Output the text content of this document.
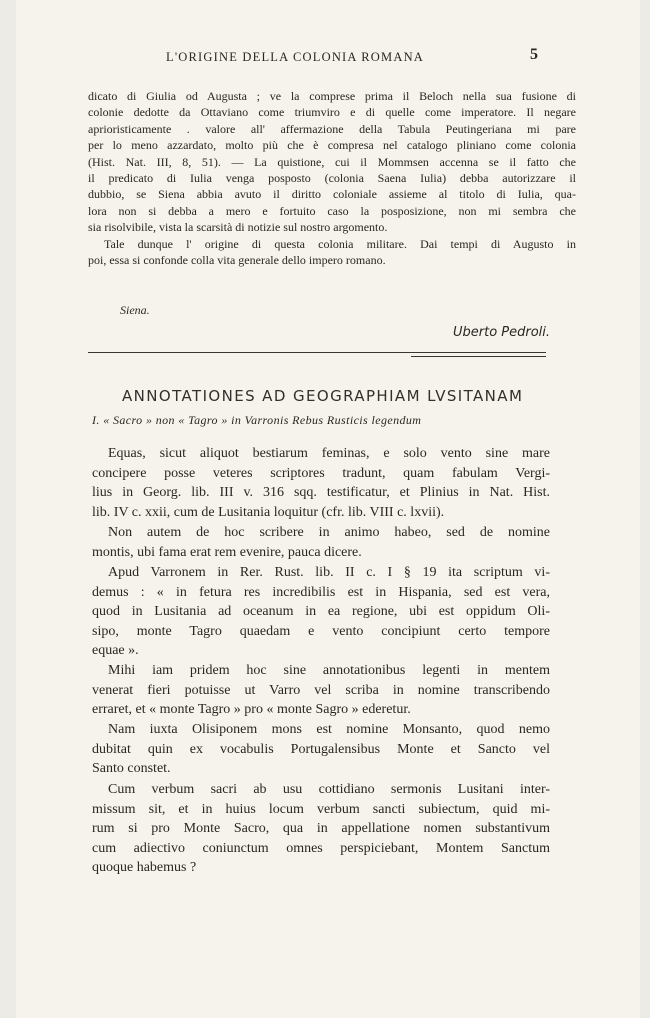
L'ORIGINE DELLA COLONIA ROMANA	5
dicato di Giulia od Augusta ; ve la comprese prima il Beloch nella sua fusione di
colonie dedotte da Ottaviano come triumviro e di quelle come imperatore. Il negare
aprioristicamente . valore all' affermazione della Tabula Peutingeriana mi pare
per lo meno azzardato, molto più che è compresa nel catalogo pliniano come colonia
(Hist. Nat. III, 8, 51). — La quistione, cui il Mommsen accenna se il fatto che
il predicato di Iulia venga posposto (colonia Saena Iulia) debba autorizzare il
dubbio, se Siena abbia avuto il diritto coloniale assieme al titolo di Iulia, qua-
lora non si debba a mero e fortuito caso la posposizione, non mi sembra che
sia risolvibile, vista la scarsità di notizie sul nostro argomento.
Tale dunque l' origine di questa colonia militare. Dai tempi di Augusto in
poi, essa si confonde colla vita generale dello impero romano.
Siena.
Uberto Pedroli.
ANNOTATIONES AD GEOGRAPHIAM LVSITANAM
I. « Sacro » non « Tagro » in Varronis Rebus Rusticis legendum
Equas, sicut aliquot bestiarum feminas, e solo vento sine mare
concipere posse veteres scriptores tradunt, quam fabulam Vergi-
lius in Georg. lib. III v. 316 sqq. testificatur, et Plinius in Nat. Hist.
lib. IV c. xxii, cum de Lusitania loquitur (cfr. lib. VIII c. lxvii).
Non autem de hoc scribere in animo habeo, sed de nomine
montis, ubi fama erat rem evenire, pauca dicere.
Apud Varronem in Rer. Rust. lib. II c. I § 19 ita scriptum vi-
demus : « in fetura res incredibilis est in Hispania, sed est vera,
quod in Lusitania ad oceanum in ea regione, ubi est oppidum Oli-
sipo, monte Tagro quaedam e vento concipiunt certo tempore
equae ».
Mihi iam pridem hoc sine annotationibus legenti in mentem
venerat fieri potuisse ut Varro vel scriba in nomine transcribendo
erraret, et « monte Tagro » pro « monte Sagro » ederetur.
Nam iuxta Olisiponem mons est nomine Monsanto, quod nemo
dubitat quin ex vocabulis Portugalensibus Monte et Sancto vel
Santo constet.
Cum verbum sacri ab usu cottidiano sermonis Lusitani inter-
missum sit, et in huius locum verbum sancti subiectum, quid mi-
rum si pro Monte Sacro, qua in appellatione nomen substantivum
cum adiectivo coniunctum omnes perspiciebant, Montem Sanctum
quoque habemus ?
